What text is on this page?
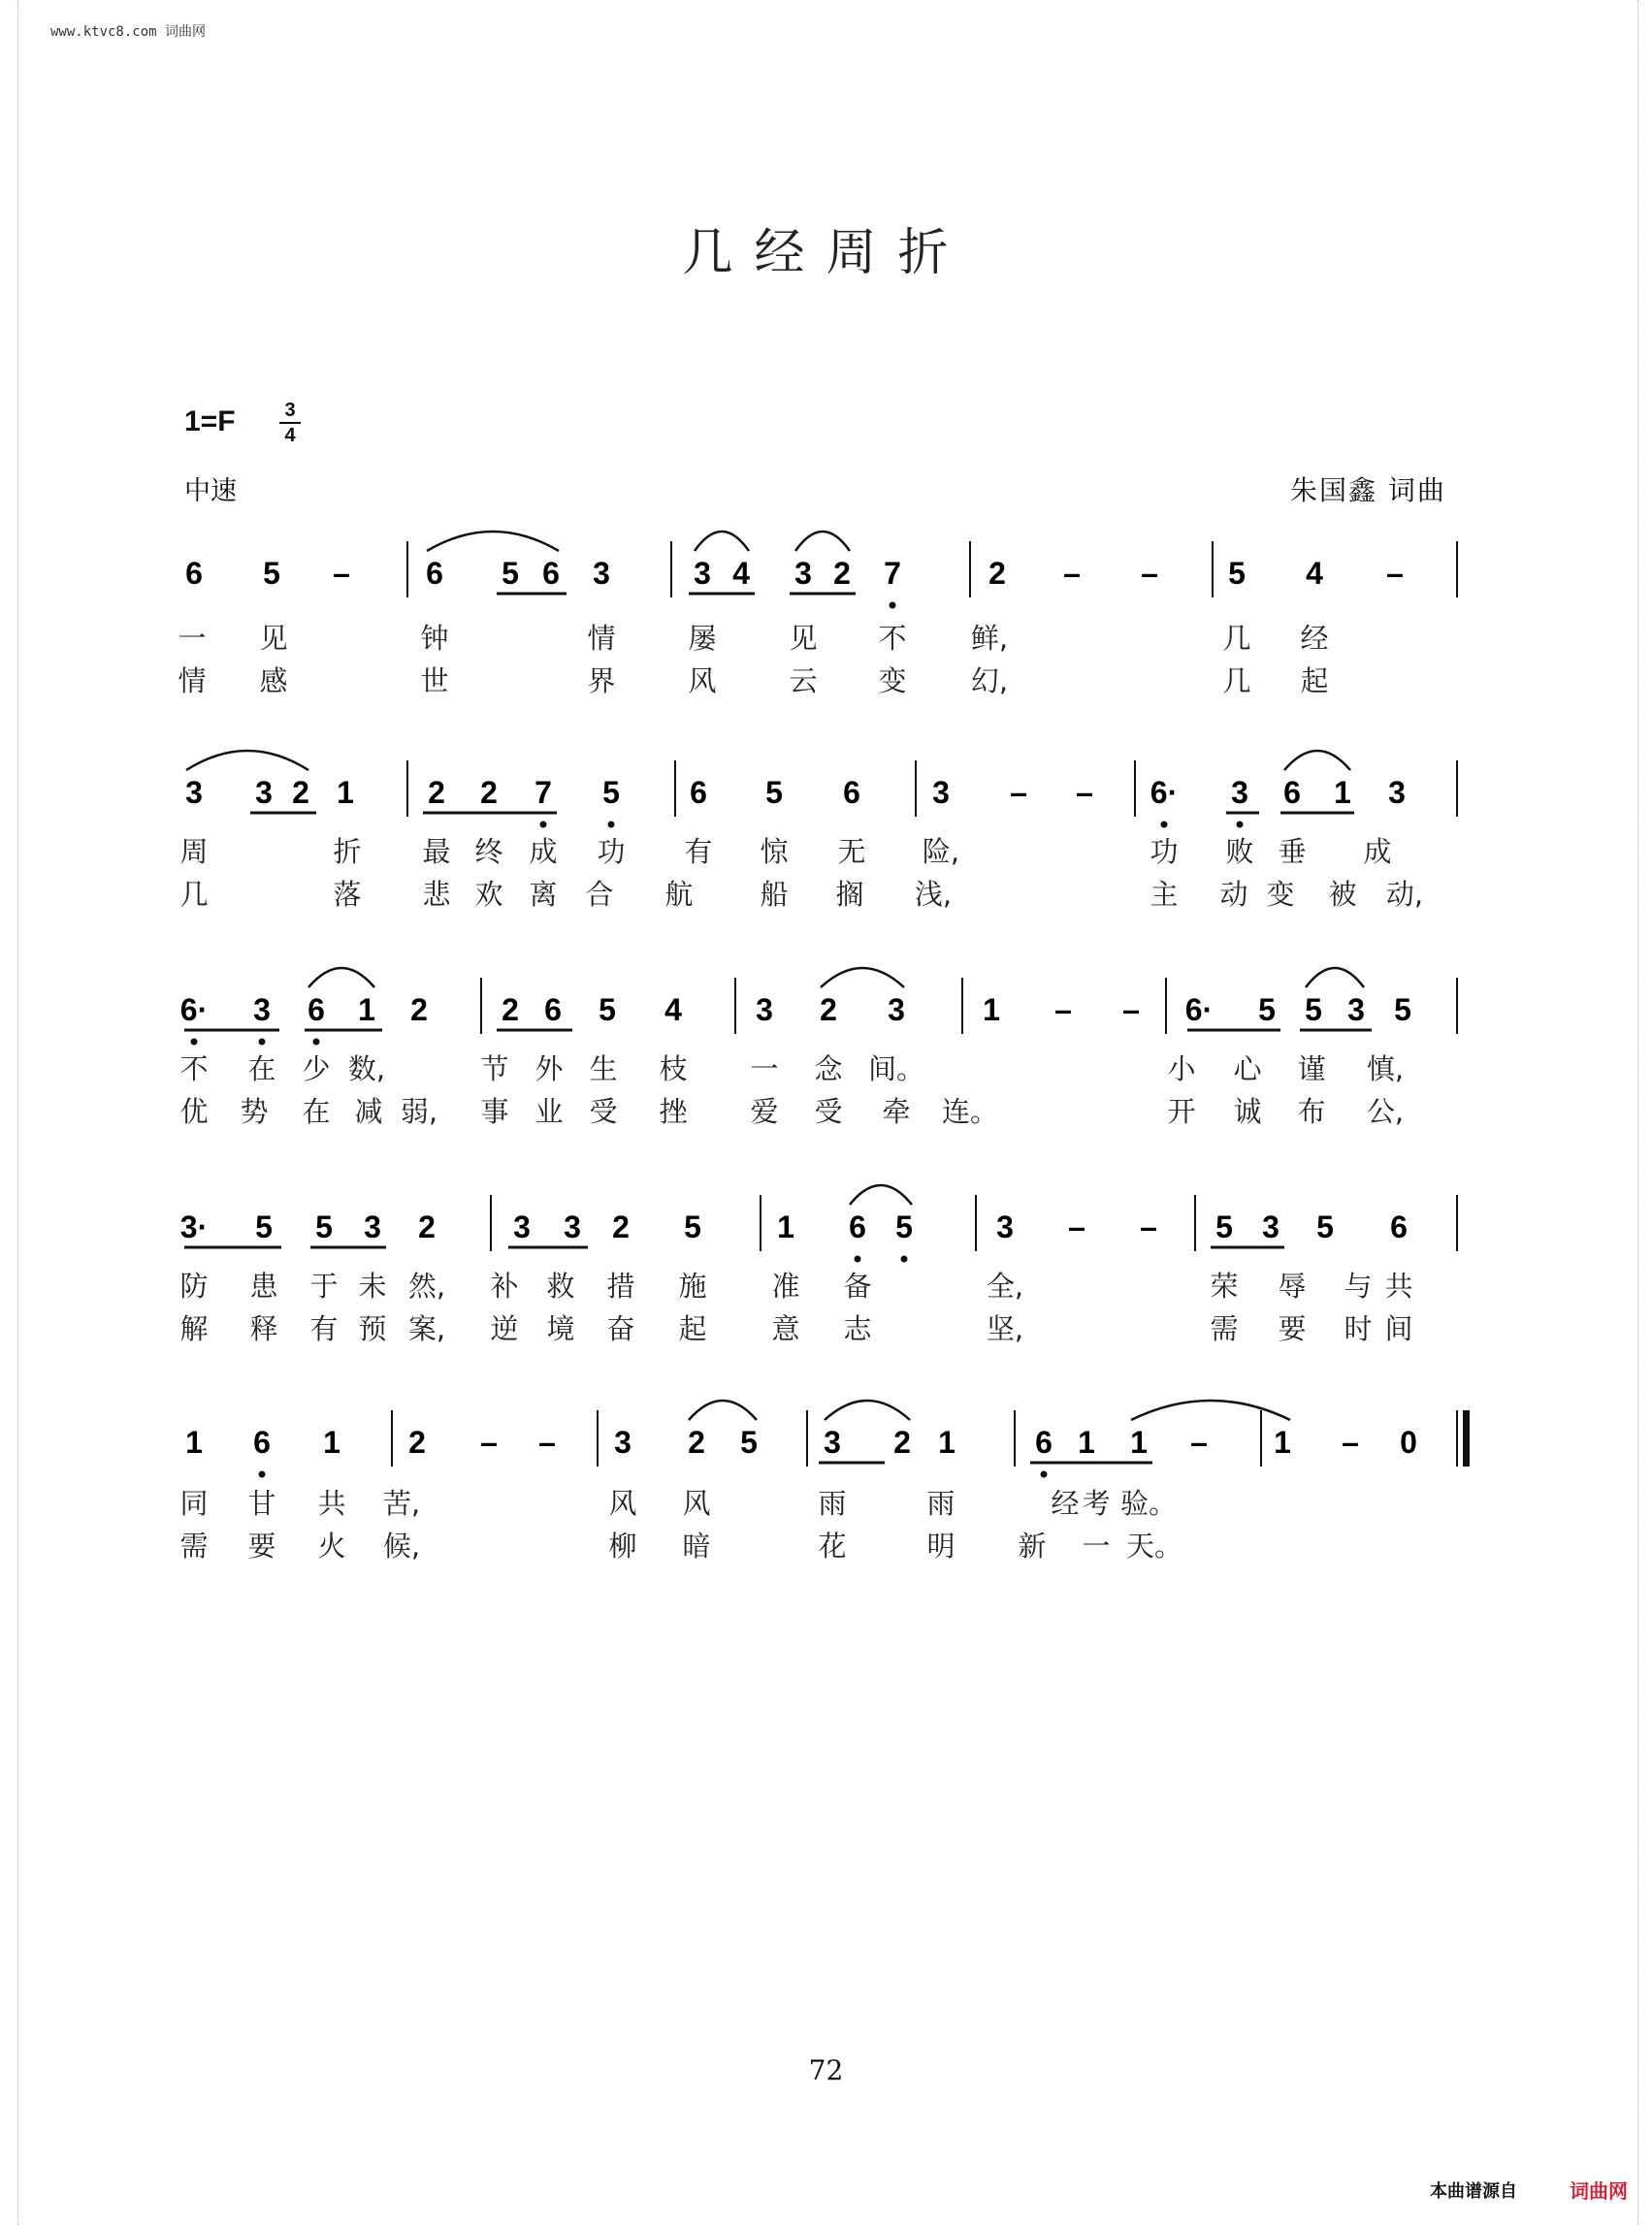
www.ktvc8.com 词曲网
几经周折
1=F	3
4
中速	朱国鑫 词曲
6 5 – 6 5 6 3	3 4 3 2 7	2 – – 5 4 –
一 见	钟	情	屡	见 不 鲜,	几 经
情 感	世	界	风	云 变 幻,	几 起
3 3 2 1 2 2 7 5 6 5 6 3 – – 6· 3 6 1 3
周	折 最 终 成 功 有 惊 无 险,	功 败 垂 成
几	落 悲 欢 离 合 航 船 搁 浅,	主 动 变 被 动,
6· 3 6 1 2 2 6 5 4 3 2 3	1 – – 6· 5 5 3 5
不 在 少 数,	节 外 生 枝 一 念 间。	小 心 谨 慎,
优 势 在 减 弱, 事 业 受 挫 爱 受 牵 连。	开 诚 布 公,
3· 5 5 3 2	3 3 2 5 1 6 5	3 – – 5 3 5 6
防 患 于 未 然, 补 救 措 施 准 备	全,	荣 辱 与 共
解 释 有 预 案, 逆 境 奋 起 意 志	坚,	需 要 时 间
1 6 1 2 – – 3 2 5 3 2 1	6 1 1 – 1 – 0
同 甘 共 苦,	风 风	雨	雨	经 考 验。
需 要 火 候,	柳 暗	花	明 新 一 天。
72
本曲谱源自	词曲网
